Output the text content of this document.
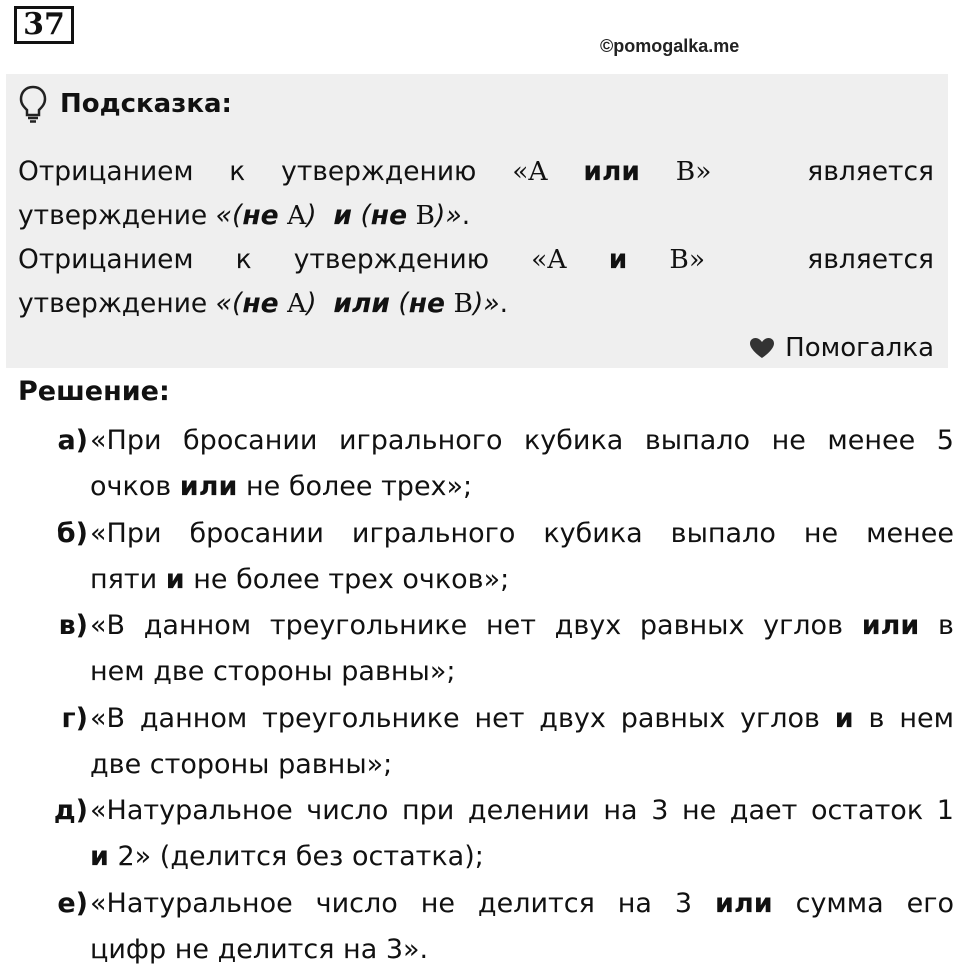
37
©pomogalka.me
Подсказка:
Отрицанием к утверждению «A или B»	является
утверждение «(не A) и (не B)».
Отрицанием к утверждению «A и B»	является
утверждение «(не A) или (не B)».
Помогалка
Решение:
а) «При бросании игрального кубика выпало не менее 5
очков или не более трех»;
б) «При бросании игрального кубика выпало не менее
пяти и не более трех очков»;
в) «В данном треугольнике нет двух равных углов или в
нем две стороны равны»;
г) «В данном треугольнике нет двух равных углов и в нем
две стороны равны»;
д) «Натуральное число при делении на 3 не дает остаток 1
и 2» (делится без остатка);
е) «Натуральное число не делится на 3 или сумма его
цифр не делится на 3».
